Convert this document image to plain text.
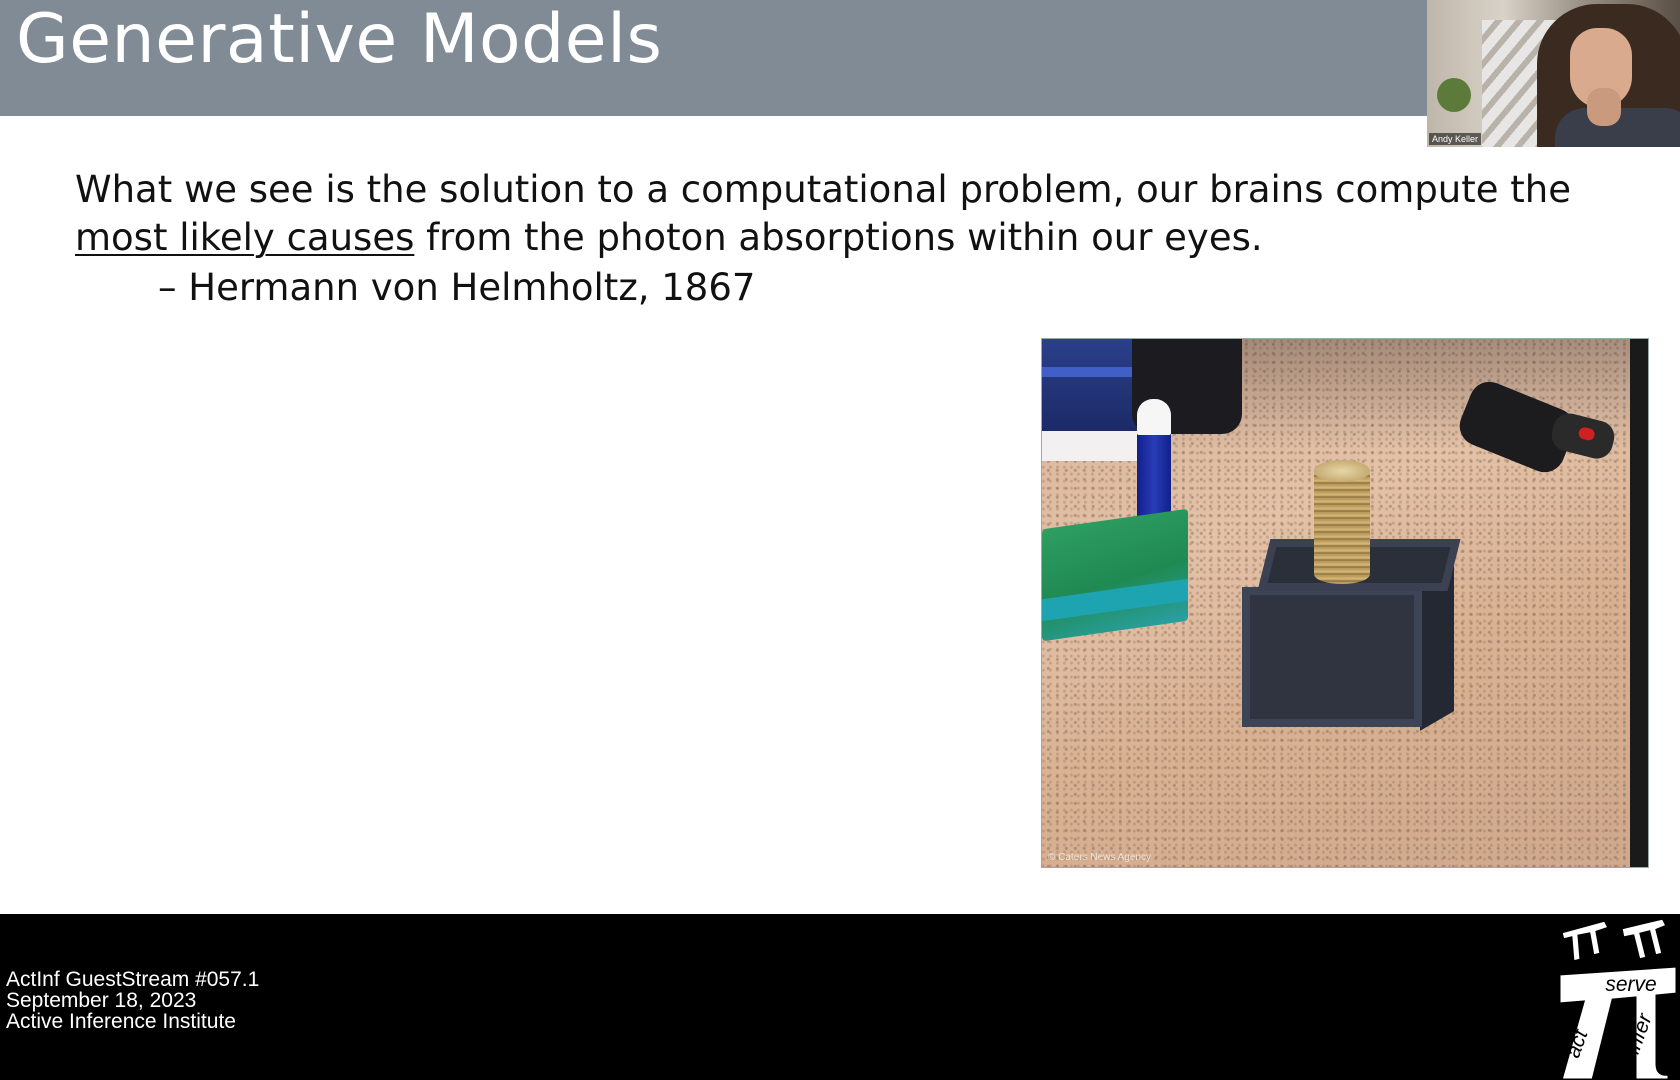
Generative Models
What we see is the solution to a computational problem, our brains compute the most likely causes from the photon absorptions within our eyes.
– Hermann von Helmholtz, 1867
© Caters News Agency
Andy Keller
ActInf GuestStream #057.1
September 18, 2023
Active Inference Institute
serve
act infer
